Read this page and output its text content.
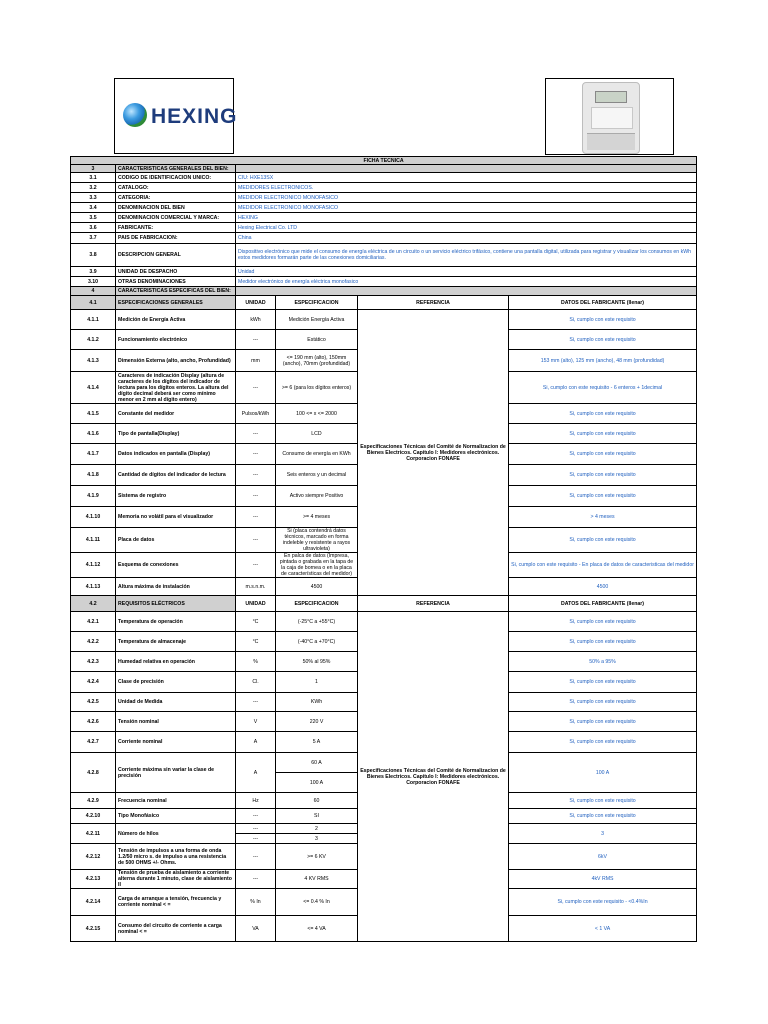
HEXING
FICHA TECNICA					
3	CARACTERISTICAS GENERALES DEL BIEN:				
3.1	CODIGO DE IDENTIFICACION UNICO:	CIU: HXE13SX			
3.2	CATALOGO:	MEDIDORES ELECTRONICOS.			
3.3	CATEGORIA:	MEDIDOR ELECTRONICO MONOFASICO			
3.4	DENOMINACION DEL BIEN	MEDIDOR ELECTRONICO MONOFASICO			
3.5	DENOMINACION COMERCIAL Y MARCA:	HEXING			
3.6	FABRICANTE:	Hexing Electrical Co. LTD			
3.7	PAIS DE FABRICACION:	China			
3.8	DESCRIPCION GENERAL	Dispositivo electrónico que mide el consumo de energía eléctrica de un circuito o un servicio eléctrico trifásico, contiene una pantalla digital, utilizada para registrar y visualizar los consumos en kWh estos medidores formarán parte de las conexiones domiciliarias.			
3.9	UNIDAD DE DESPACHO	Unidad			
3.10	OTRAS DENOMINACIONES	Medidor electrónico de energía eléctrica monofasico			
4	CARACTERISTICAS ESPECIFICAS DEL BIEN:				
4.1	ESPECIFICACIONES GENERALES	UNIDAD	ESPECIFICACION	REFERENCIA	DATOS DEL FABRICANTE (llenar)
4.1.1	Medición de Energía Activa	kWh	Medición Energía Activa	Especificaciones Técnicas del Comité de Normalizacion de Bienes Electricos. Capitulo I: Medidores electrónicos. Corporacion FONAFE	Si, cumplo con este requisito
4.1.2	Funcionamiento electrónico	---	Estático		Si, cumplo con este requisito
4.1.3	Dimensión Externa (alto, ancho, Profundidad)	mm	<= 190 mm (alto), 150mm (ancho), 70mm (profundidad)		153 mm (alto), 125 mm (ancho), 48 mm (profundidad)
4.1.4	Caracteres de indicación Display (altura de caracteres de los dígitos del indicador de lectura para los dígitos enteros. La altura del dígito decimal deberá ser como mínimo menor en 2 mm al dígito entero)	---	>= 6 (para los dígitos enteros)		Si, cumplo con este requisito - 6 enteros + 1decimal
4.1.5	Constante del medidor	Pulsos/kWh	100 <= x <= 2000		Si, cumplo con este requisito
4.1.6	Tipo de pantalla(Display)	---	LCD		Si, cumplo con este requisito
4.1.7	Datos indicados en pantalla (Display)	---	Consumo de energía en KWh		Si, cumplo con este requisito
4.1.8	Cantidad de dígitos del indicador de lectura	---	Seis enteros y un decimal		Si, cumplo con este requisito
4.1.9	Sistema de registro	---	Activo siempre Positivo		Si, cumplo con este requisito
4.1.10	Memoria no volátil para el visualizador	---	>= 4 meses		> 4 meses
4.1.11	Placa de datos	---	Si (placa contendrá datos técnicos, marcado en forma indeleble y resistente a rayos ultravioleta)		Si, cumplo con este requisito
4.1.12	Esquema de conexiones	---	En palca de datos (Impresa, pintada o grabada en la tapa de la caja de bornea o en la placa de características del medidor)		Si, cumplo con este requisito - En placa de datos de caracteristicas del medidor
4.1.13	Altura máxima de instalación	m.s.n.m.	4500		4500
4.2	REQUISITOS ELÉCTRICOS	UNIDAD	ESPECIFICACION	REFERENCIA	DATOS DEL FABRICANTE (llenar)
4.2.1	Temperatura de operación	°C	(-25°C a +55°C)	Especificaciones Técnicas del Comité de Normalizacion de Bienes Electricos. Capitulo I: Medidores electrónicos. Corporacion FONAFE	Si, cumplo con este requisito
4.2.2	Temperatura de almacenaje	°C	(-40°C a +70°C)		Si, cumplo con este requisito
4.2.3	Humedad relativa en operación	%	50% al 95%		50% a 95%
4.2.4	Clase de precisión	Cl.	1		Si, cumplo con este requisito
4.2.5	Unidad de Medida	---	KWh		Si, cumplo con este requisito
4.2.6	Tensión nominal	V	220 V		Si, cumplo con este requisito
4.2.7	Corriente nominal	A	5 A		Si, cumplo con este requisito
4.2.8	Corriente máxima sin variar la clase de precisión	A	60 A		100 A
			100 A		
4.2.9	Frecuencia nominal	Hz	60		Si, cumplo con este requisito
4.2.10	Tipo Monofásico	---	SI		Si, cumplo con este requisito
4.2.11	Número de hilos	---	2		3
		---	3		
4.2.12	Tensión de impulsos a una forma de onda 1.2/50 micro s. de impulso a una resistencia de 500 OHMS +/- Ohms.	---	>= 6 KV		6kV
4.2.13	Tensión de prueba de aislamiento a corriente alterna durante 1 minuto, clase de aislamiento II	---	4 KV RMS		4kV RMS
4.2.14	Carga de arranque a tensión, frecuencia y corriente nominal < =	% In	<= 0.4 % In		Si, cumplo con este requisito - <0.4%In
4.2.15	Consumo del circuito de corriente a carga nominal < =	VA	<= 4 VA		< 1 VA
